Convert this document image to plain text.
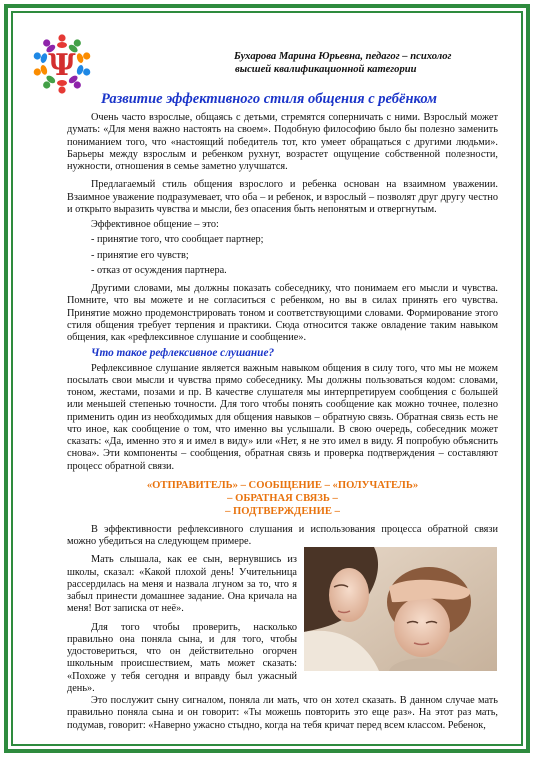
Ψ	Бухарова Марина Юрьевна, педагог – психолог
высшей квалификационной категории
Развитие эффективного стиля общения с ребёнком

Очень часто взрослые, общаясь с детьми, стремятся соперничать с ними. Взрослый может думать: «Для меня важно настоять на своем». Подобную философию было бы полезно заменить пониманием того, что «настоящий победитель тот, кто умеет обращаться с другими людьми». Барьеры между взрослым и ребенком рухнут, возрастет ощущение собственной полезности, нужности, отношения в семье заметно улучшатся.

Предлагаемый стиль общения взрослого и ребенка основан на взаимном уважении. Взаимное уважение подразумевает, что оба – и ребенок, и взрослый – позволят друг другу честно и открыто выразить чувства и мысли, без опасения быть непонятым и отвергнутым.

Эффективное общение – это:

- принятие того, что сообщает партнер;

- принятие его чувств;

- отказ от осуждения партнера.

Другими словами, мы должны показать собеседнику, что понимаем его мысли и чувства. Помните, что вы можете и не согласиться с ребенком, но вы в силах принять его чувства. Принятие можно продемонстрировать тоном и соответствующими словами. Формирование этого стиля общения требует терпения и практики. Сюда относится также овладение таким навыком общения, как «рефлексивное слушание и сообщение».

Что такое рефлексивное слушание?

Рефлексивное слушание является важным навыком общения в силу того, что мы не можем посылать свои мысли и чувства прямо собеседнику. Мы должны пользоваться кодом: словами, тоном, жестами, позами и пр. В качестве слушателя мы интерпретируем сообщения с большей или меньшей степенью точности. Для того чтобы понять сообщение как можно точнее, полезно применить один из необходимых для общения навыков – обратную связь. Обратная связь есть не что иное, как сообщение о том, что именно вы услышали. В свою очередь, собеседник может сказать: «Да, именно это я и имел в виду» или «Нет, я не это имел в виду. Я попробую объяснить снова». Эти компоненты – сообщения, обратная связь и проверка подтверждения – составляют процесс обратной связи.

«ОТПРАВИТЕЛЬ» – СООБЩЕНИЕ – «ПОЛУЧАТЕЛЬ»

– ОБРАТНАЯ СВЯЗЬ –

– ПОДТВЕРЖДЕНИЕ –

В эффективности рефлексивного слушания и использования процесса обратной связи можно убедиться на следующем примере.

Мать слышала, как ее сын, вернувшись из школы, сказал: «Какой плохой день! Учительница рассердилась на меня и назвала лгуном за то, что я забыл принести домашнее задание. Она кричала на меня! Вот записка от неё».

Для того чтобы проверить, насколько правильно она поняла сына, и для того, чтобы удостовериться, что он действительно огорчен школьным происшествием, мать может сказать: «Похоже у тебя сегодня и вправду был ужасный день».

Это послужит сыну сигналом, поняла ли мать, что он хотел сказать. В данном случае мать правильно поняла сына и он говорит: «Ты можешь повторить это еще раз». На этот раз мать, подумав, говорит: «Наверно ужасно стыдно, когда на тебя кричат перед всем классом. Ребенок,
